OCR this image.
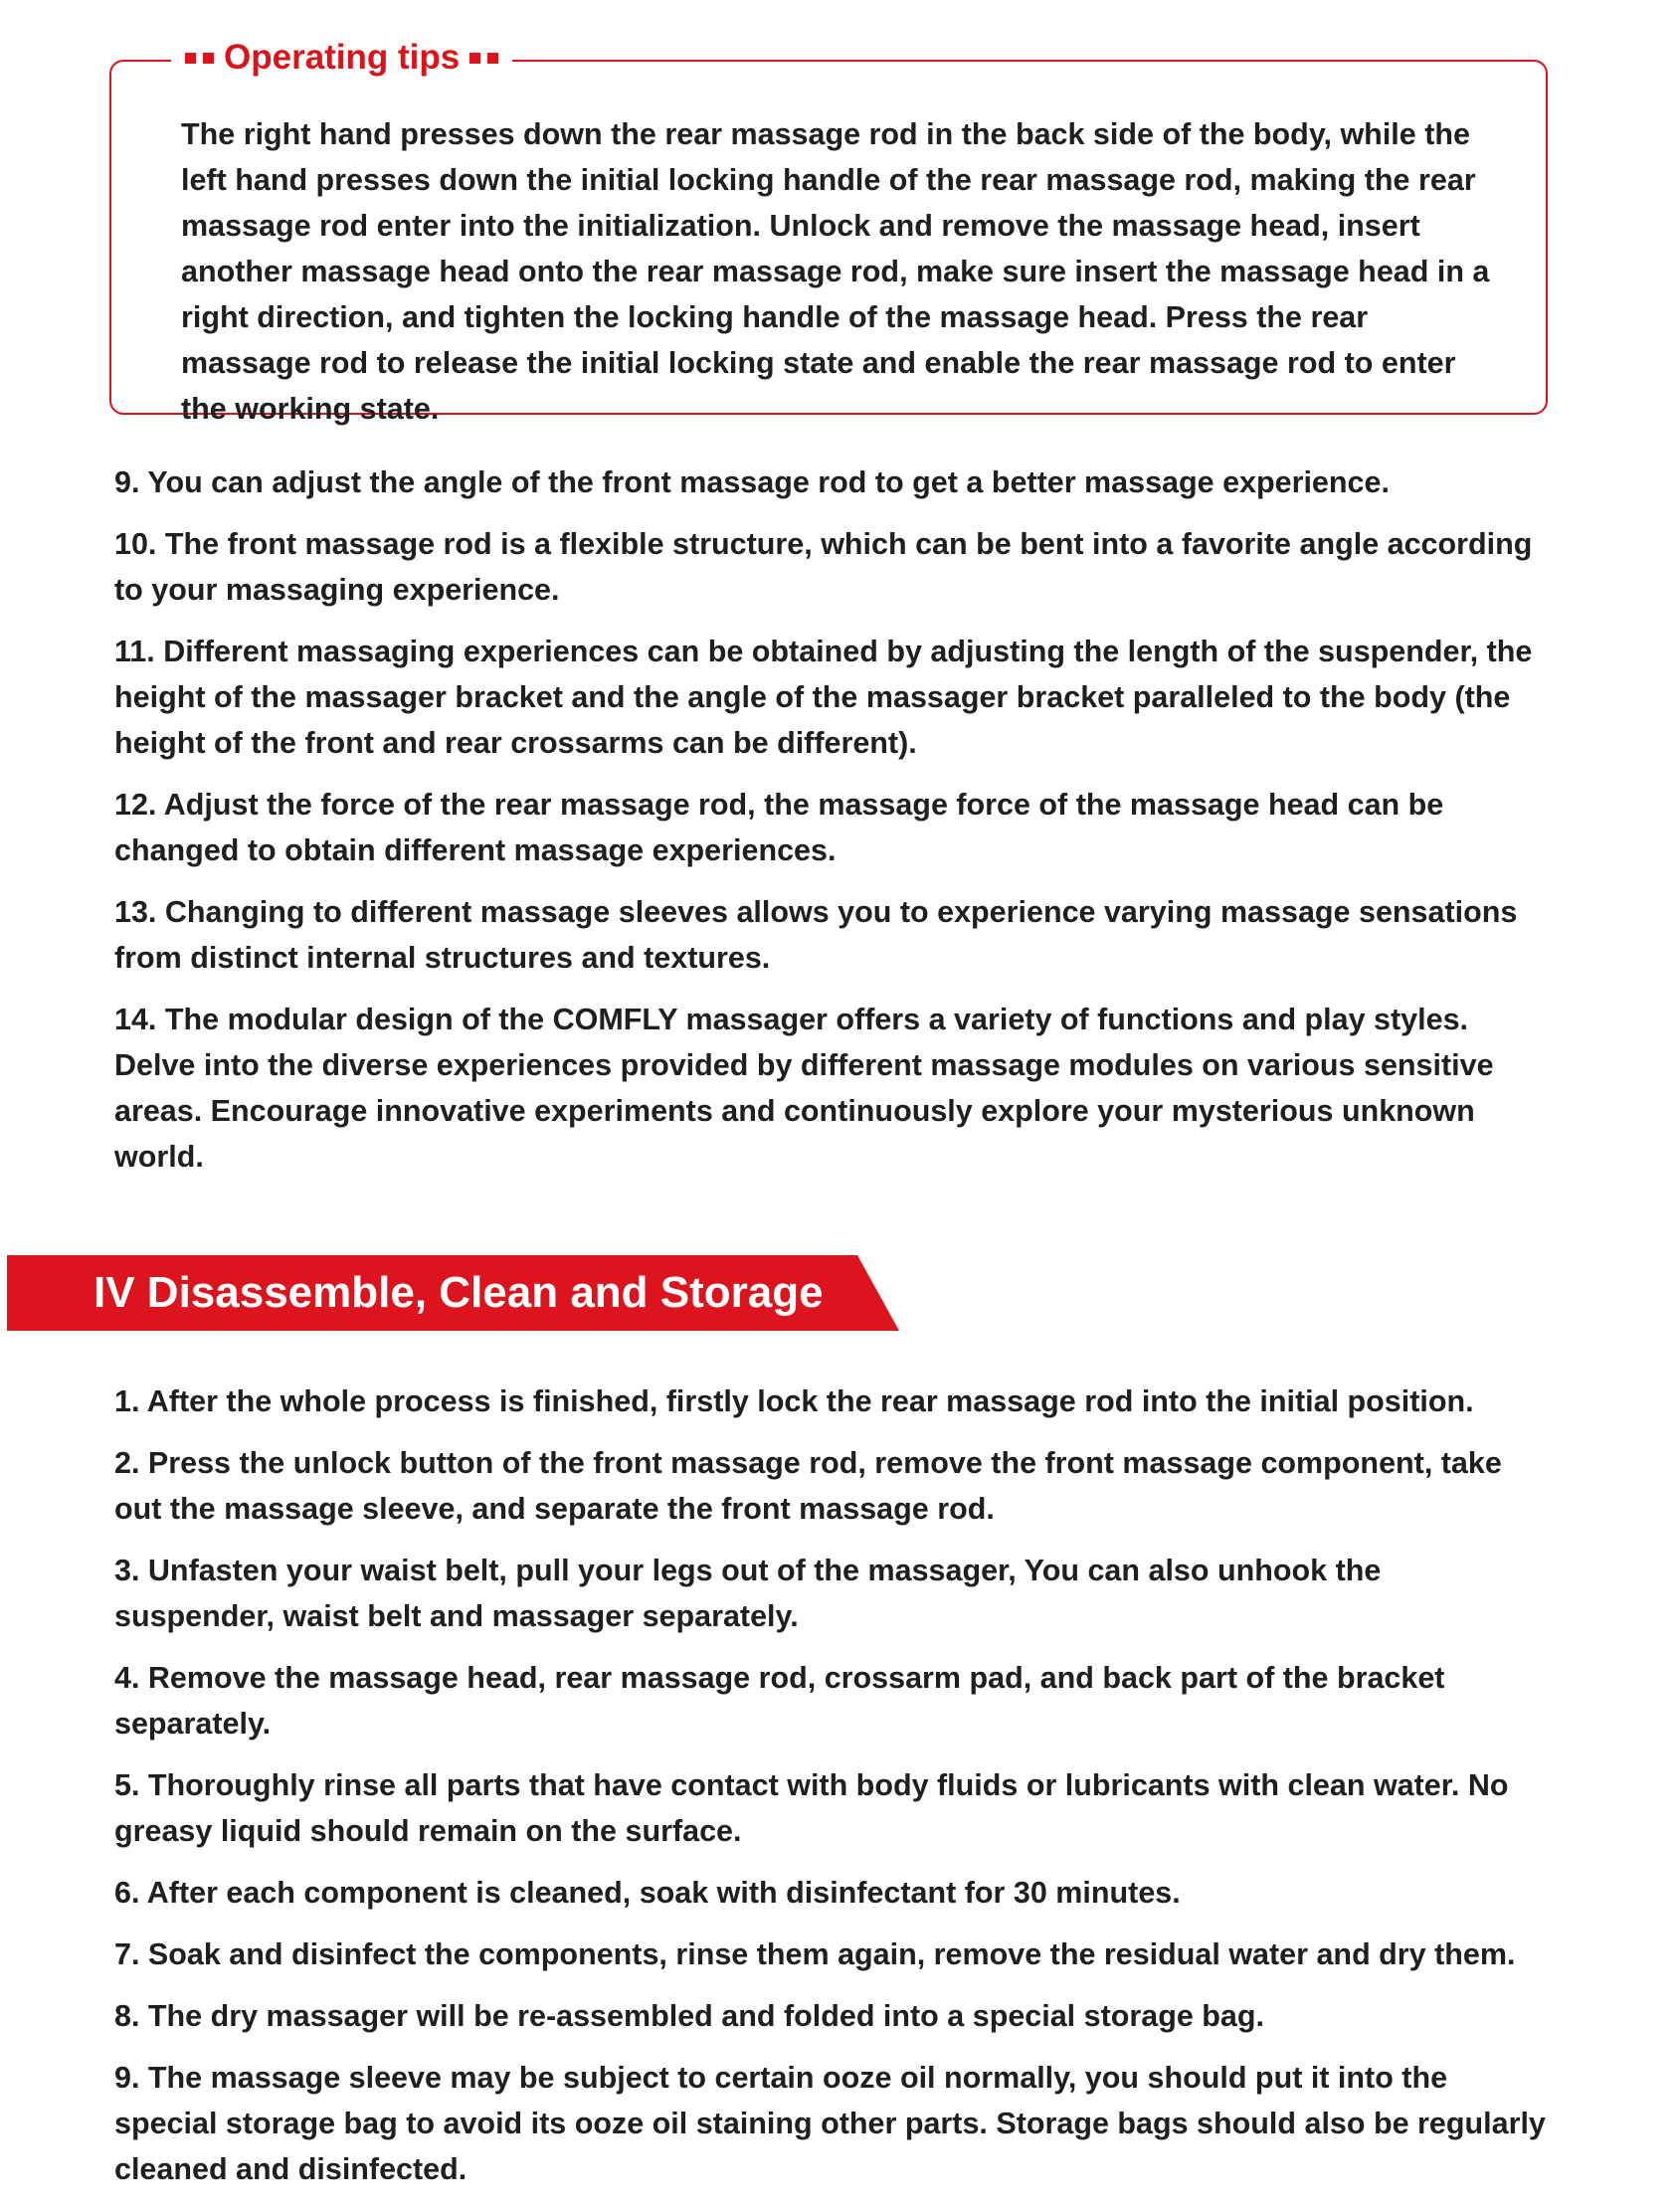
Operating tips

The right hand presses down the rear massage rod in the back side of the body, while the left hand presses down the initial locking handle of the rear massage rod, making the rear massage rod enter into the initialization. Unlock and remove the massage head, insert another massage head onto the rear massage rod, make sure insert the massage head in a right direction, and tighten the locking handle of the massage head. Press the rear massage rod to release the initial locking state and enable the rear massage rod to enter the working state.

9. You can adjust the angle of the front massage rod to get a better massage experience.
10. The front massage rod is a flexible structure, which can be bent into a favorite angle according to your massaging experience.
11. Different massaging experiences can be obtained by adjusting the length of the suspender, the height of the massager bracket and the angle of the massager bracket paralleled to the body (the height of the front and rear crossarms can be different).
12. Adjust the force of the rear massage rod, the massage force of the massage head can be changed to obtain different massage experiences.
13. Changing to different massage sleeves allows you to experience varying massage sensations from distinct internal structures and textures.
14. The modular design of the COMFLY massager offers a variety of functions and play styles. Delve into the diverse experiences provided by different massage modules on various sensitive areas. Encourage innovative experiments and continuously explore your mysterious unknown world.
IV Disassemble, Clean and Storage
1. After the whole process is finished, firstly lock the rear massage rod into the initial position.
2. Press the unlock button of the front massage rod, remove the front massage component, take out the massage sleeve, and separate the front massage rod.
3. Unfasten your waist belt, pull your legs out of the massager, You can also unhook the suspender, waist belt and massager separately.
4. Remove the massage head, rear massage rod, crossarm pad, and back part of the bracket separately.
5. Thoroughly rinse all parts that have contact with body fluids or lubricants with clean water. No greasy liquid should remain on the surface.
6. After each component is cleaned, soak with disinfectant for 30 minutes.
7. Soak and disinfect the components, rinse them again, remove the residual water and dry them.
8. The dry massager will be re-assembled and folded into a special storage bag.
9. The massage sleeve may be subject to certain ooze oil normally, you should put it into the special storage bag to avoid its ooze oil staining other parts. Storage bags should also be regularly cleaned and disinfected.
